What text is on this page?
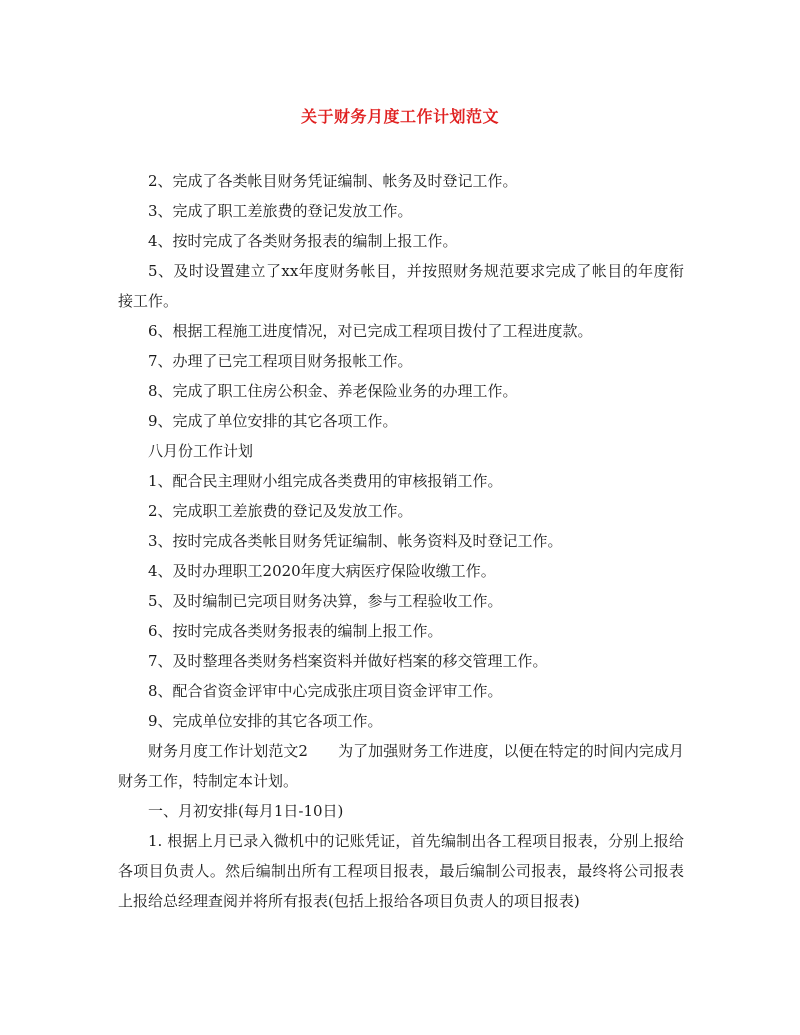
关于财务月度工作计划范文

2、完成了各类帐目财务凭证编制、帐务及时登记工作。

3、完成了职工差旅费的登记发放工作。

4、按时完成了各类财务报表的编制上报工作。

5、及时设置建立了xx年度财务帐目，并按照财务规范要求完成了帐目的年度衔接工作。

6、根据工程施工进度情况，对已完成工程项目拨付了工程进度款。

7、办理了已完工程项目财务报帐工作。

8、完成了职工住房公积金、养老保险业务的办理工作。

9、完成了单位安排的其它各项工作。

八月份工作计划

1、配合民主理财小组完成各类费用的审核报销工作。

2、完成职工差旅费的登记及发放工作。

3、按时完成各类帐目财务凭证编制、帐务资料及时登记工作。

4、及时办理职工2020年度大病医疗保险收缴工作。

5、及时编制已完项目财务决算，参与工程验收工作。

6、按时完成各类财务报表的编制上报工作。

7、及时整理各类财务档案资料并做好档案的移交管理工作。

8、配合省资金评审中心完成张庄项目资金评审工作。

9、完成单位安排的其它各项工作。

财务月度工作计划范文2　　为了加强财务工作进度，以便在特定的时间内完成月财务工作，特制定本计划。

一、月初安排(每月1日-10日)

1. 根据上月已录入微机中的记账凭证，首先编制出各工程项目报表，分别上报给各项目负责人。然后编制出所有工程项目报表，最后编制公司报表，最终将公司报表上报给总经理查阅并将所有报表(包括上报给各项目负责人的项目报表)
